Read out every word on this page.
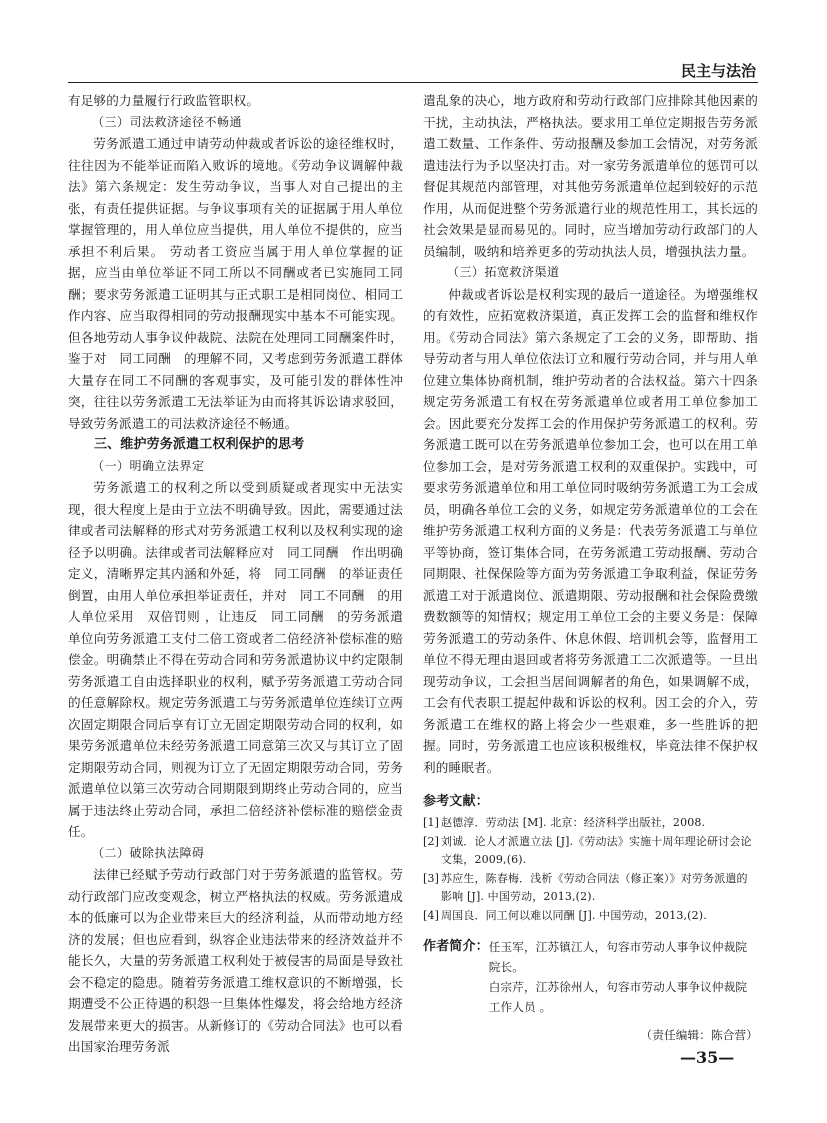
民主与法治

有足够的力量履行行政监管职权。

（三）司法救济途径不畅通

劳务派遣工通过申请劳动仲裁或者诉讼的途径维权时，往往因为不能举证而陷入败诉的境地。《劳动争议调解仲裁法》第六条规定：发生劳动争议，当事人对自己提出的主张，有责任提供证据。与争议事项有关的证据属于用人单位掌握管理的，用人单位应当提供，用人单位不提供的，应当承担不利后果。 劳动者工资应当属于用人单位掌握的证据，应当由单位举证不同工所以不同酬或者已实施同工同酬；要求劳务派遣工证明其与正式职工是相同岗位、相同工作内容、应当取得相同的劳动报酬现实中基本不可能实现。但各地劳动人事争议仲裁院、法院在处理同工同酬案件时，鉴于对　同工同酬　的理解不同，又考虑到劳务派遣工群体大量存在同工不同酬的客观事实，及可能引发的群体性冲突，往往以劳务派遣工无法举证为由而将其诉讼请求驳回，导致劳务派遣工的司法救济途径不畅通。

三、维护劳务派遣工权利保护的思考
（一）明确立法界定

劳务派遣工的权利之所以受到质疑或者现实中无法实现，很大程度上是由于立法不明确导致。因此，需要通过法律或者司法解释的形式对劳务派遣工权利以及权利实现的途径予以明确。法律或者司法解释应对　同工同酬　作出明确定义，清晰界定其内涵和外延，将　同工同酬　的举证责任倒置，由用人单位承担举证责任，并对　同工不同酬　的用人单位采用　双倍罚则 ，让违反　同工同酬　的劳务派遣单位向劳务派遣工支付二倍工资或者二倍经济补偿标准的赔偿金。明确禁止不得在劳动合同和劳务派遣协议中约定限制劳务派遣工自由选择职业的权利，赋予劳务派遣工劳动合同的任意解除权。规定劳务派遣工与劳务派遣单位连续订立两次固定期限合同后享有订立无固定期限劳动合同的权利，如果劳务派遣单位未经劳务派遣工同意第三次又与其订立了固定期限劳动合同，则视为订立了无固定期限劳动合同，劳务派遣单位以第三次劳动合同期限到期终止劳动合同的，应当属于违法终止劳动合同，承担二倍经济补偿标准的赔偿金责任。

（二）破除执法障碍

法律已经赋予劳动行政部门对于劳务派遣的监管权。劳动行政部门应改变观念，树立严格执法的权威。劳务派遣成本的低廉可以为企业带来巨大的经济利益，从而带动地方经济的发展；但也应看到，纵容企业违法带来的经济效益并不能长久，大量的劳务派遣工权利处于被侵害的局面是导致社会不稳定的隐患。随着劳务派遣工维权意识的不断增强，长期遭受不公正待遇的积怨一旦集体性爆发，将会给地方经济发展带来更大的损害。从新修订的《劳动合同法》也可以看出国家治理劳务派

遣乱象的决心，地方政府和劳动行政部门应排除其他因素的干扰，主动执法，严格执法。要求用工单位定期报告劳务派遣工数量、工作条件、劳动报酬及参加工会情况，对劳务派遣违法行为予以坚决打击。对一家劳务派遣单位的惩罚可以督促其规范内部管理，对其他劳务派遣单位起到较好的示范作用，从而促进整个劳务派遣行业的规范性用工，其长远的社会效果是显而易见的。同时，应当增加劳动行政部门的人员编制，吸纳和培养更多的劳动执法人员，增强执法力量。

（三）拓宽救济渠道

仲裁或者诉讼是权利实现的最后一道途径。为增强维权的有效性，应拓宽救济渠道，真正发挥工会的监督和维权作用。《劳动合同法》第六条规定了工会的义务，即帮助、指导劳动者与用人单位依法订立和履行劳动合同，并与用人单位建立集体协商机制，维护劳动者的合法权益。第六十四条规定劳务派遣工有权在劳务派遣单位或者用工单位参加工会。因此要充分发挥工会的作用保护劳务派遣工的权利。劳务派遣工既可以在劳务派遣单位参加工会，也可以在用工单位参加工会，是对劳务派遣工权利的双重保护。实践中，可要求劳务派遣单位和用工单位同时吸纳劳务派遣工为工会成员，明确各单位工会的义务，如规定劳务派遣单位的工会在维护劳务派遣工权利方面的义务是：代表劳务派遣工与单位平等协商，签订集体合同，在劳务派遣工劳动报酬、劳动合同期限、社保保险等方面为劳务派遣工争取利益，保证劳务派遣工对于派遣岗位、派遣期限、劳动报酬和社会保险费缴费数额等的知情权；规定用工单位工会的主要义务是：保障劳务派遣工的劳动条件、休息休假、培训机会等，监督用工单位不得无理由退回或者将劳务派遣工二次派遣等。一旦出现劳动争议，工会担当居间调解者的角色，如果调解不成，工会有代表职工提起仲裁和诉讼的权利。因工会的介入，劳务派遣工在维权的路上将会少一些艰难，多一些胜诉的把握。同时，劳务派遣工也应该积极维权，毕竟法律不保护权利的睡眠者。

参考文献：
[1] 赵德淳．劳动法 [M]. 北京：经济科学出版社，2008.
[2] 刘诚．论人才派遣立法 [J].《劳动法》实施十周年理论研讨会论文集，2009,(6).
[3] 苏应生，陈春梅．浅析《劳动合同法（修正案）》对劳务派遣的影响 [J]. 中国劳动，2013,(2).
[4] 周国良．同工何以难以同酬 [J]. 中国劳动，2013,(2).
作者简介： 任玉军，江苏镇江人，句容市劳动人事争议仲裁院院长。
白宗芹，江苏徐州人，句容市劳动人事争议仲裁院工作人员 。
（责任编辑：陈合营）
—35—
